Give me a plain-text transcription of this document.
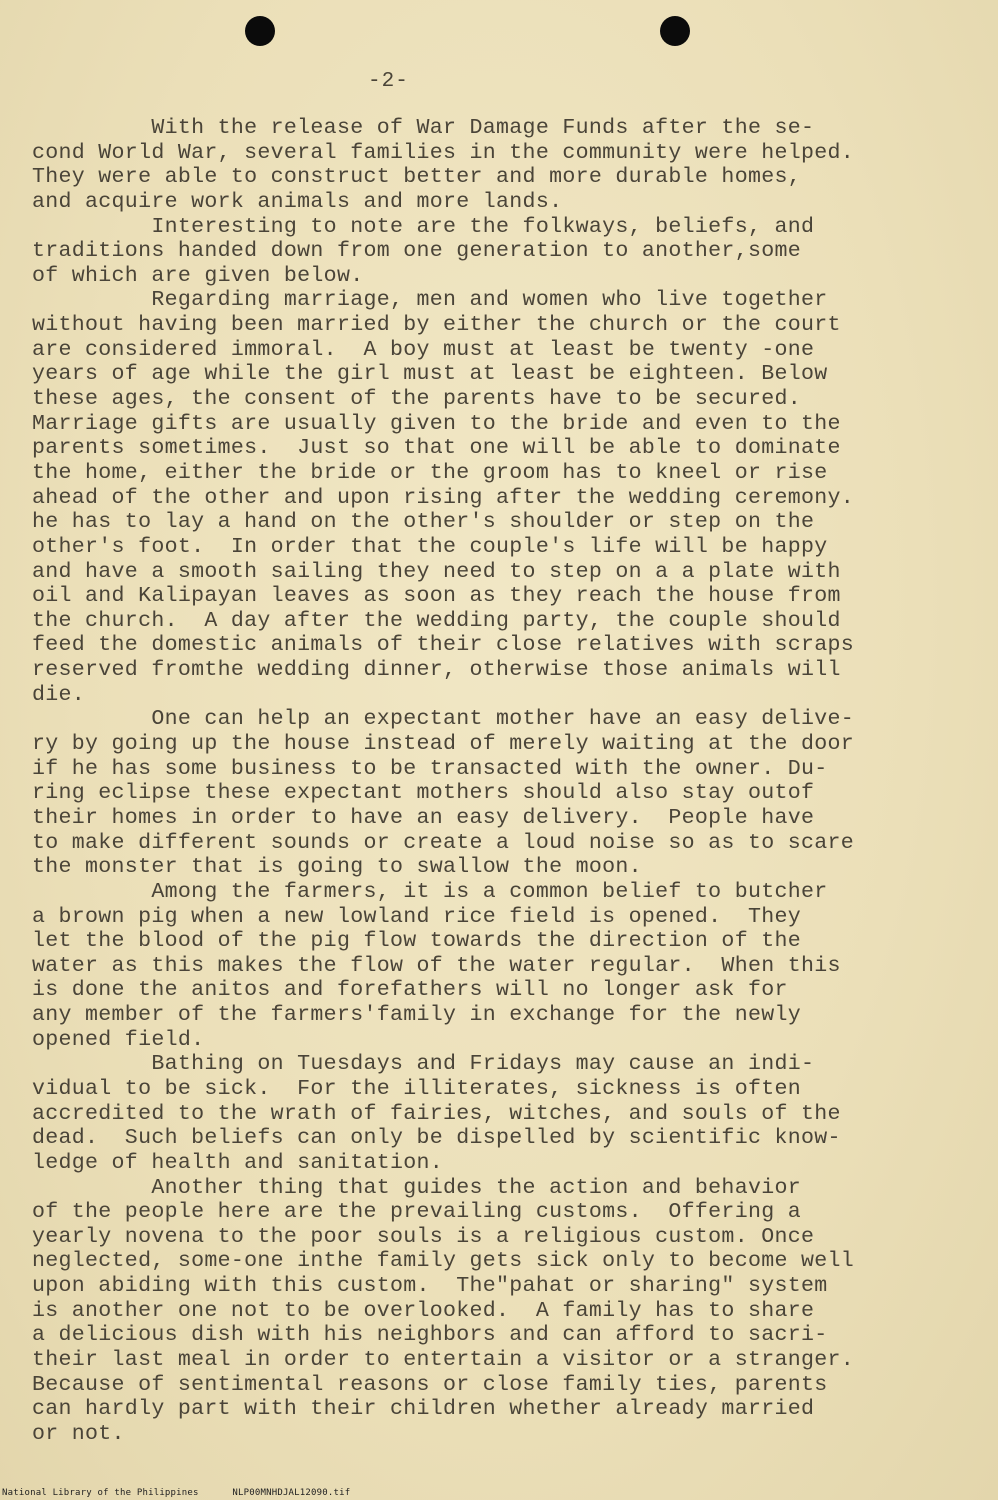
-2-
With the release of War Damage Funds after the se-
cond World War, several families in the community were helped.
They were able to construct better and more durable homes,
and acquire work animals and more lands.
Interesting to note are the folkways, beliefs, and
traditions handed down from one generation to another,some
of which are given below.
Regarding marriage, men and women who live together
without having been married by either the church or the court
are considered immoral.  A boy must at least be twenty -one
years of age while the girl must at least be eighteen. Below
these ages, the consent of the parents have to be secured.
Marriage gifts are usually given to the bride and even to the
parents sometimes.  Just so that one will be able to dominate
the home, either the bride or the groom has to kneel or rise
ahead of the other and upon rising after the wedding ceremony.
he has to lay a hand on the other's shoulder or step on the
other's foot.  In order that the couple's life will be happy
and have a smooth sailing they need to step on a a plate with
oil and Kalipayan leaves as soon as they reach the house from
the church.  A day after the wedding party, the couple should
feed the domestic animals of their close relatives with scraps
reserved fromthe wedding dinner, otherwise those animals will
die.
One can help an expectant mother have an easy delive-
ry by going up the house instead of merely waiting at the door
if he has some business to be transacted with the owner. Du-
ring eclipse these expectant mothers should also stay outof
their homes in order to have an easy delivery.  People have
to make different sounds or create a loud noise so as to scare
the monster that is going to swallow the moon.
Among the farmers, it is a common belief to butcher
a brown pig when a new lowland rice field is opened.  They
let the blood of the pig flow towards the direction of the
water as this makes the flow of the water regular.  When this
is done the anitos and forefathers will no longer ask for
any member of the farmers'family in exchange for the newly
opened field.
Bathing on Tuesdays and Fridays may cause an indi-
vidual to be sick.  For the illiterates, sickness is often
accredited to the wrath of fairies, witches, and souls of the
dead.  Such beliefs can only be dispelled by scientific know-
ledge of health and sanitation.
Another thing that guides the action and behavior
of the people here are the prevailing customs.  Offering a
yearly novena to the poor souls is a religious custom. Once
neglected, some-one inthe family gets sick only to become well
upon abiding with this custom.  The"pahat or sharing" system
is another one not to be overlooked.  A family has to share
a delicious dish with his neighbors and can afford to sacri-
their last meal in order to entertain a visitor or a stranger.
Because of sentimental reasons or close family ties, parents
can hardly part with their children whether already married
or not.
National Library of the Philippines	NLP00MNHDJAL12090.tif
